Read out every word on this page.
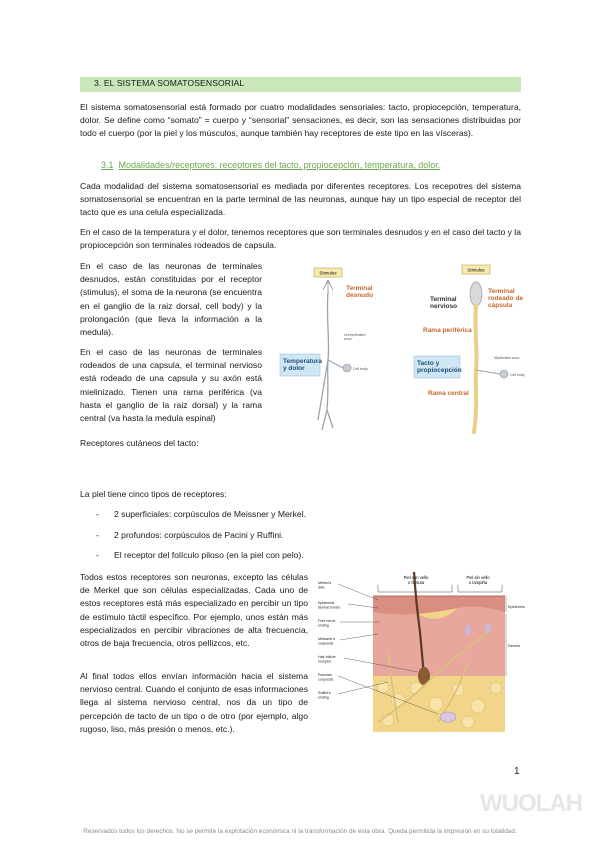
3. EL SISTEMA SOMATOSENSORIAL

El sistema somatosensorial está formado por cuatro modalidades sensoriales: tacto, propiocepción, temperatura, dolor. Se define como “somato” = cuerpo y “sensorial” sensaciones, es decir, son las sensaciones distribuidas por todo el cuerpo (por la piel y los músculos, aunque también hay receptores de este tipo en las vísceras).

3.1 Modalidades/receptores: receptores del tacto, propiocepción, temperatura, dolor.

Cada modalidad del sistema somatosensorial es mediada por diferentes receptores. Los recepotres del sistema somatosensorial se encuentran en la parte terminal de las neuronas, aunque hay un tipo especial de receptor del tacto que es una celula especializada.

En el caso de la temperatura y el dolor, tenemos receptores que son terminales desnudos y en el caso del tacto y la propiocepción son terminales rodeados de capsula.

En el caso de las neuronas de terminales desnudos, están constituidas por el receptor (stimulus), el soma de la neurona (se encuentra en el ganglio de la raiz dorsal, cell body) y la prolongación (que lleva la información a la medula).

En el caso de las neuronas de terminales rodeados de una capsula, el terminal nervioso está rodeado de una capsula y su axón está mielinizado. Tienen una rama periférica (va hasta el ganglio de la raiz dorsal) y la rama central (va hasta la medula espinal)

Stimulus
Terminal desnudo
Unmyelinated axon
Cell body
Temperatura y dolor
Stimulus
Terminal nervioso
Terminal rodeado de cápsula
Rama periférica
Myelinated axon
Cell body
Tacto y propiocepción
Rama central

Receptores cutáneos del tacto:

La piel tiene cinco tipos de receptores:

- 2 superficiales: corpúsculos de Meissner y Merkel.
- 2 profundos: corpúsculos de Pacini y Ruffini.
- El receptor del folículo piloso (en la piel con pelo).

Todos estos receptores son neuronas, excepto las células de Merkel que son células especializadas. Cada uno de estos receptores está más especializado en percibir un tipo de estímulo táctil específico. Por ejemplo, unos están más especializados en percibir vibraciones de alta frecuencia, otros de baja frecuencia, otros pellizcos, etc.

Al final todos ellos envían información hacia el sistema nervioso central. Cuando el conjunto de esas informaciones llega al sistema nervioso central, nos da un tipo de percepción de tacto de un tipo o de otro (por ejemplo, algo rugoso, liso, más presión o menos, etc.).

Piel con vello o hirsuta
Piel sin vello o lampiña
Merkel's disk
Epidermal-dermal border
Free nerve ending
Meissner's corpuscle
Hair follicle receptor
Pacinian corpuscle
Ruffini's ending
Epidermis
Dermis
1
WUOLAH
Reservados todos los derechos. No se permite la explotación económica ni la transformación de esta obra. Queda permitida la impresión en su totalidad.
